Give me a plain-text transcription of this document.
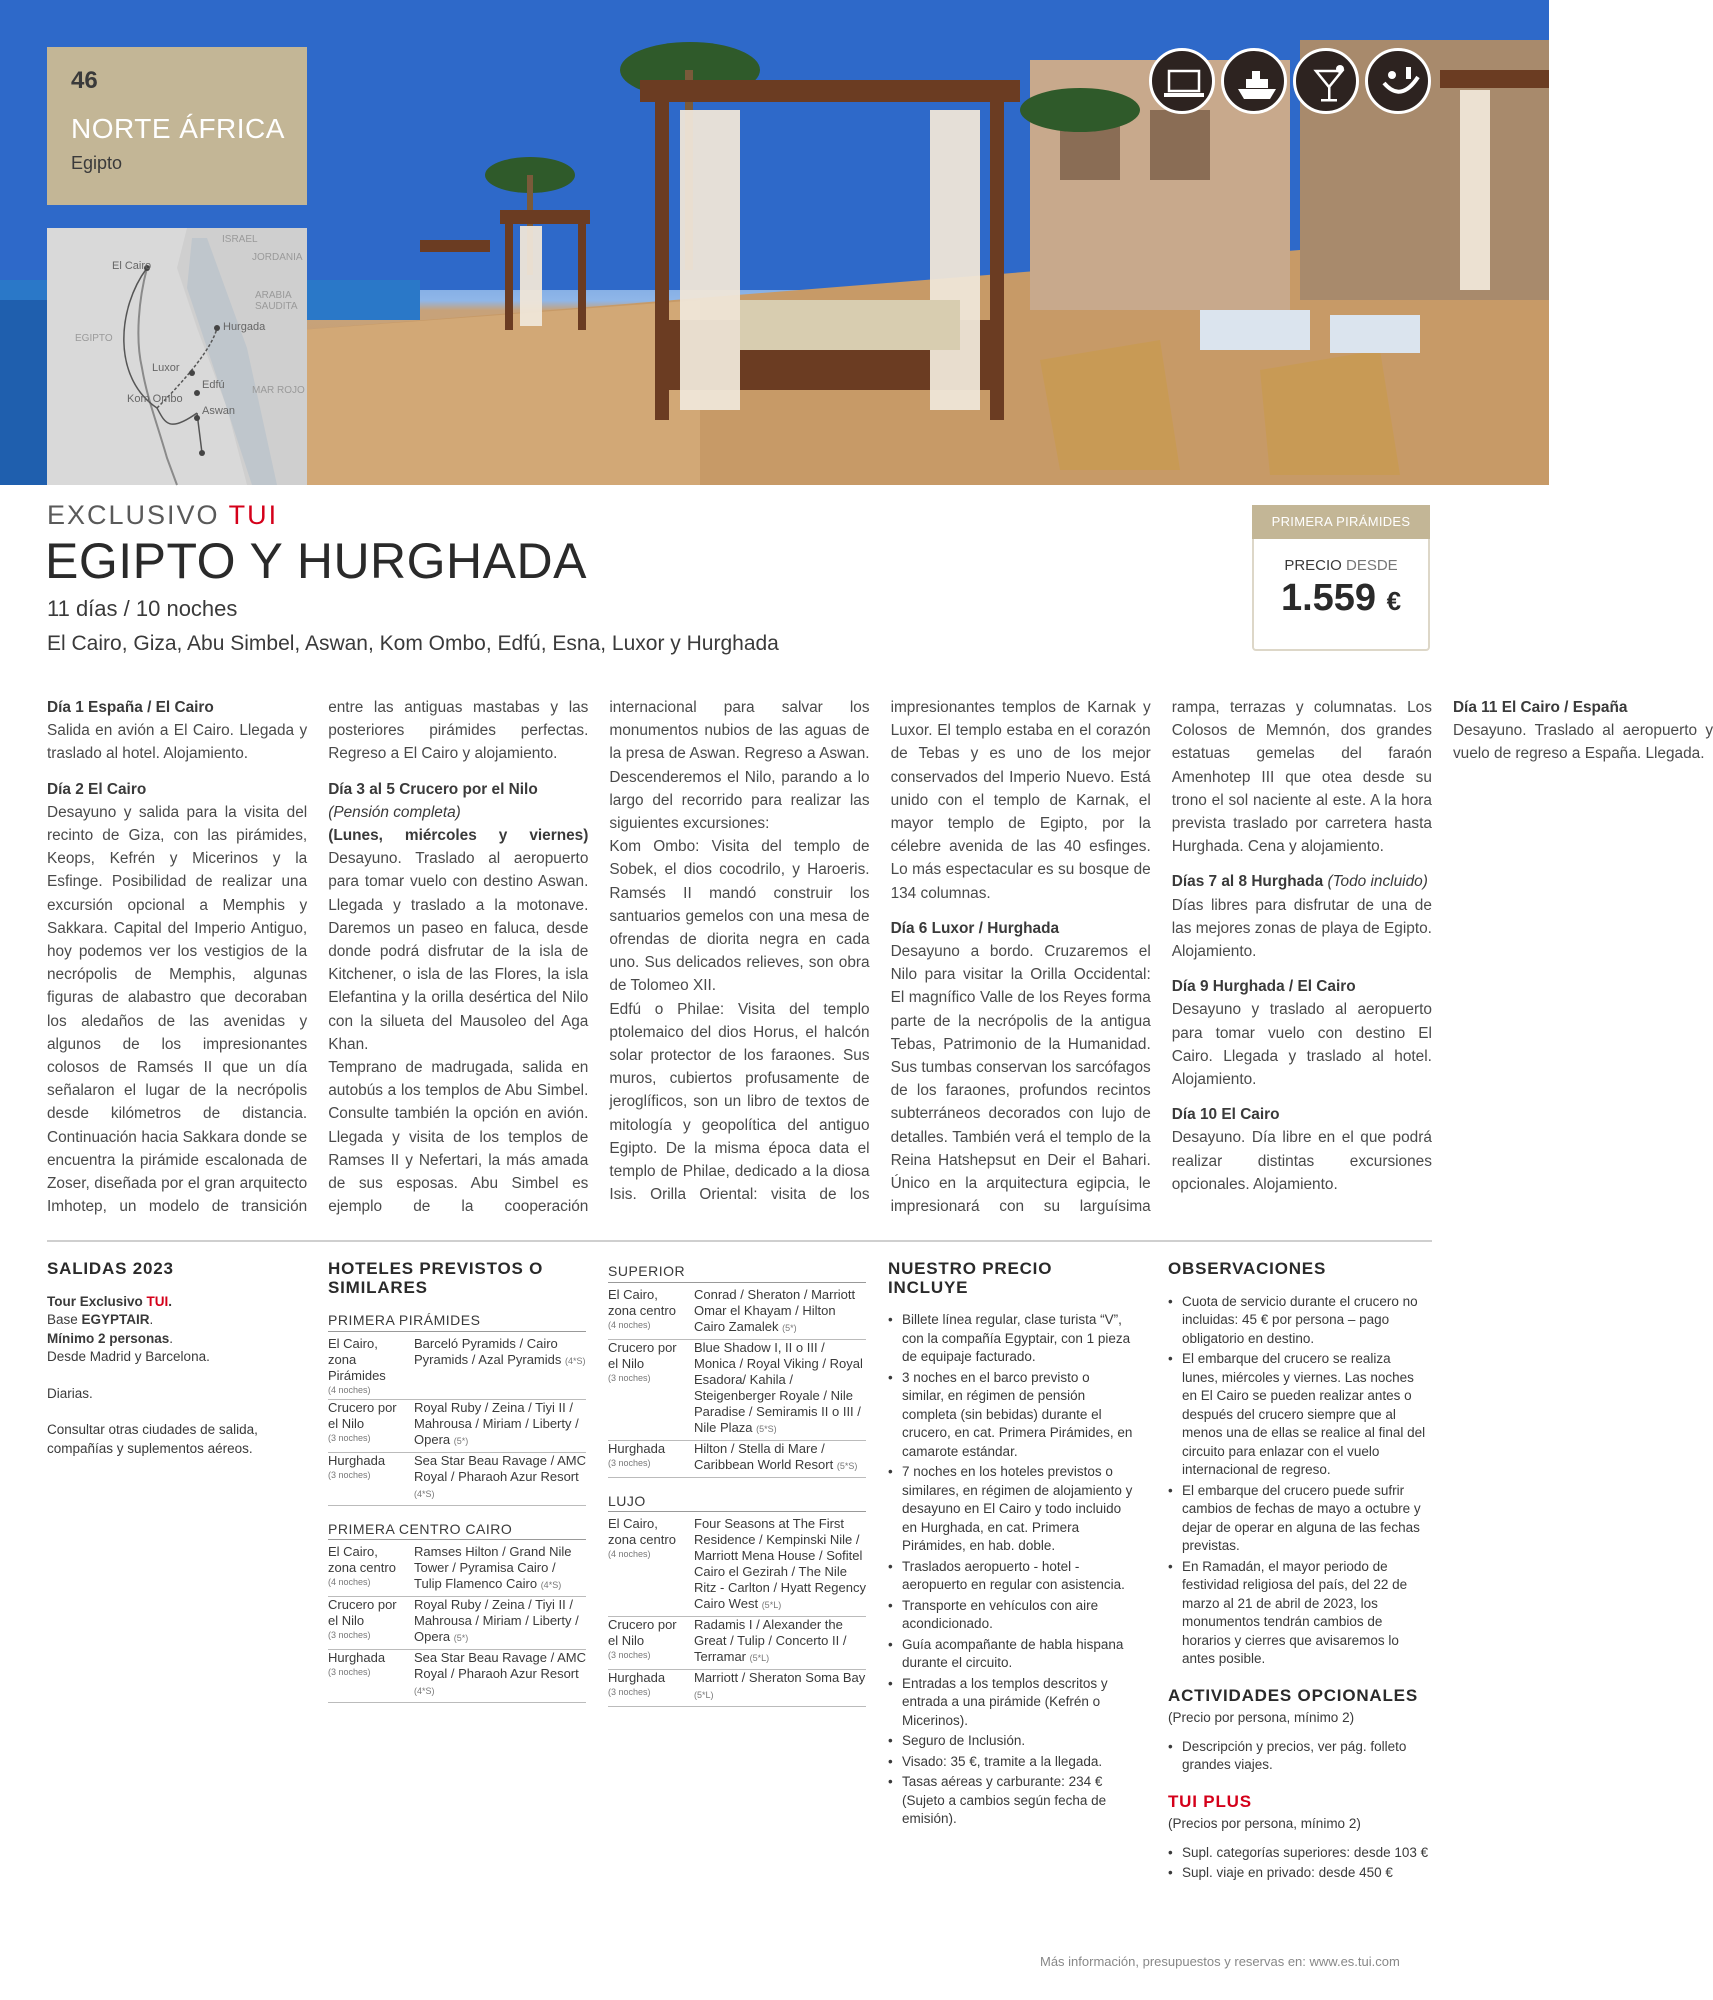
46
NORTE ÁFRICA
Egipto
ISRAEL
JORDANIA
El Cairo
ARABIA SAUDITA
EGIPTO
Hurgada
Luxor
Edfú	MAR ROJO
Kom Ombo
Aswan
EXCLUSIVO TUI
EGIPTO Y HURGHADA
11 días / 10 noches
El Cairo, Giza, Abu Simbel, Aswan, Kom Ombo, Edfú, Esna, Luxor y Hurghada
PRIMERA PIRÁMIDES
PRECIO DESDE
1.559 €

Día 1 España / El Cairo
Salida en avión a El Cairo. Llegada y traslado al hotel. Alojamiento.

Día 2 El Cairo
Desayuno y salida para la visita del recinto de Giza, con las pirámides, Keops, Kefrén y Micerinos y la Esfinge. Posibilidad de realizar una excursión opcional a Memphis y Sakkara. Capital del Imperio Antiguo, hoy podemos ver los vestigios de la necrópolis de Memphis, algunas figuras de alabastro que decoraban los aledaños de las avenidas y algunos de los impresionantes colosos de Ramsés II que un día señalaron el lugar de la necrópolis desde kilómetros de distancia. Continuación hacia Sakkara donde se encuentra la pirámide escalonada de Zoser, diseñada por el gran arquitecto Imhotep, un modelo de transición entre las antiguas mastabas y las posteriores pirámides perfectas. Regreso a El Cairo y alojamiento.

Día 3 al 5 Crucero por el Nilo
(Pensión completa)
(Lunes, miércoles y viernes) Desayuno. Traslado al aeropuerto para tomar vuelo con destino Aswan. Llegada y traslado a la motonave. Daremos un paseo en faluca, desde donde podrá disfrutar de la isla de Kitchener, o isla de las Flores, la isla Elefantina y la orilla desértica del Nilo con la silueta del Mausoleo del Aga Khan.

Temprano de madrugada, salida en autobús a los templos de Abu Simbel. Consulte también la opción en avión. Llegada y visita de los templos de Ramses II y Nefertari, la más amada de sus esposas. Abu Simbel es ejemplo de la cooperación internacional para salvar los monumentos nubios de las aguas de la presa de Aswan. Regreso a Aswan. Descenderemos el Nilo, parando a lo largo del recorrido para realizar las siguientes excursiones:

Kom Ombo: Visita del templo de Sobek, el dios cocodrilo, y Haroeris. Ramsés II mandó construir los santuarios gemelos con una mesa de ofrendas de diorita negra en cada uno. Sus delicados relieves, son obra de Tolomeo XII.

Edfú o Philae: Visita del templo ptolemaico del dios Horus, el halcón solar protector de los faraones. Sus muros, cubiertos profusamente de jeroglíficos, son un libro de textos de mitología y geopolítica del antiguo Egipto. De la misma época data el templo de Philae, dedicado a la diosa Isis. Orilla Oriental: visita de los impresionantes templos de Karnak y Luxor. El templo estaba en el corazón de Tebas y es uno de los mejor conservados del Imperio Nuevo. Está unido con el templo de Karnak, el mayor templo de Egipto, por la célebre avenida de las 40 esfinges. Lo más espectacular es su bosque de 134 columnas.

Día 6 Luxor / Hurghada
Desayuno a bordo. Cruzaremos el Nilo para visitar la Orilla Occidental: El magnífico Valle de los Reyes forma parte de la necrópolis de la antigua Tebas, Patrimonio de la Humanidad. Sus tumbas conservan los sarcófagos de los faraones, profundos recintos subterráneos decorados con lujo de detalles. También verá el templo de la Reina Hatshepsut en Deir el Bahari. Único en la arquitectura egipcia, le impresionará con su larguísima rampa, terrazas y columnatas. Los Colosos de Memnón, dos grandes estatuas gemelas del faraón Amenhotep III que otea desde su trono el sol naciente al este. A la hora prevista traslado por carretera hasta Hurghada. Cena y alojamiento.

Días 7 al 8 Hurghada (Todo incluido)
Días libres para disfrutar de una de las mejores zonas de playa de Egipto. Alojamiento.

Día 9 Hurghada / El Cairo
Desayuno y traslado al aeropuerto para tomar vuelo con destino El Cairo. Llegada y traslado al hotel. Alojamiento.

Día 10 El Cairo
Desayuno. Día libre en el que podrá realizar distintas excursiones opcionales. Alojamiento.

Día 11 El Cairo / España
Desayuno. Traslado al aeropuerto y vuelo de regreso a España. Llegada.

SALIDAS 2023

Tour Exclusivo TUI.
Base EGYPTAIR.
Mínimo 2 personas.
Desde Madrid y Barcelona.

Diarias.

Consultar otras ciudades de salida, compañías y suplementos aéreos.

HOTELES PREVISTOS O SIMILARES
PRIMERA PIRÁMIDES
El Cairo, zona Pirámides
(4 noches)	Barceló Pyramids / Cairo Pyramids / Azal Pyramids (4*S)
Crucero por el Nilo
(3 noches)	Royal Ruby / Zeina / Tiyi II / Mahrousa / Miriam / Liberty / Opera (5*)
Hurghada
(3 noches)	Sea Star Beau Ravage / AMC Royal / Pharaoh Azur Resort (4*S)
PRIMERA CENTRO CAIRO
El Cairo, zona centro
(4 noches)	Ramses Hilton / Grand Nile Tower / Pyramisa Cairo / Tulip Flamenco Cairo (4*S)
Crucero por el Nilo
(3 noches)	Royal Ruby / Zeina / Tiyi II / Mahrousa / Miriam / Liberty / Opera (5*)
Hurghada
(3 noches)	Sea Star Beau Ravage / AMC Royal / Pharaoh Azur Resort (4*S)
SUPERIOR
El Cairo, zona centro
(4 noches)	Conrad / Sheraton / Marriott Omar el Khayam / Hilton Cairo Zamalek (5*)
Crucero por el Nilo
(3 noches)	Blue Shadow I, II o III / Monica / Royal Viking / Royal Esadora/ Kahila / Steigenberger Royale / Nile Paradise / Semiramis II o III / Nile Plaza (5*S)
Hurghada
(3 noches)	Hilton / Stella di Mare / Caribbean World Resort (5*S)
LUJO
El Cairo, zona centro
(4 noches)	Four Seasons at The First Residence / Kempinski Nile / Marriott Mena House / Sofitel Cairo el Gezirah / The Nile Ritz - Carlton / Hyatt Regency Cairo West (5*L)
Crucero por el Nilo
(3 noches)	Radamis I / Alexander the Great / Tulip / Concerto II / Terramar (5*L)
Hurghada
(3 noches)	Marriott / Sheraton Soma Bay (5*L)
NUESTRO PRECIO INCLUYE
• Billete línea regular, clase turista “V”, con la compañía Egyptair, con 1 pieza de equipaje facturado.
• 3 noches en el barco previsto o similar, en régimen de pensión completa (sin bebidas) durante el crucero, en cat. Primera Pirámides, en camarote estándar.
• 7 noches en los hoteles previstos o similares, en régimen de alojamiento y desayuno en El Cairo y todo incluido en Hurghada, en cat. Primera Pirámides, en hab. doble.
• Traslados aeropuerto - hotel - aeropuerto en regular con asistencia.
• Transporte en vehículos con aire acondicionado.
• Guía acompañante de habla hispana durante el circuito.
• Entradas a los templos descritos y entrada a una pirámide (Kefrén o Micerinos).
• Seguro de Inclusión.
• Visado: 35 €, tramite a la llegada.
• Tasas aéreas y carburante: 234 € (Sujeto a cambios según fecha de emisión).
OBSERVACIONES
• Cuota de servicio durante el crucero no incluidas: 45 € por persona – pago obligatorio en destino.
• El embarque del crucero se realiza lunes, miércoles y viernes. Las noches en El Cairo se pueden realizar antes o después del crucero siempre que al menos una de ellas se realice al final del circuito para enlazar con el vuelo internacional de regreso.
• El embarque del crucero puede sufrir cambios de fechas de mayo a octubre y dejar de operar en alguna de las fechas previstas.
• En Ramadán, el mayor periodo de festividad religiosa del país, del 22 de marzo al 21 de abril de 2023, los monumentos tendrán cambios de horarios y cierres que avisaremos lo antes posible.
ACTIVIDADES OPCIONALES

(Precio por persona, mínimo 2)

• Descripción y precios, ver pág. folleto grandes viajes.
TUI PLUS

(Precios por persona, mínimo 2)

• Supl. categorías superiores: desde 103 €
• Supl. viaje en privado: desde 450 €
Más información, presupuestos y reservas en: www.es.tui.com
